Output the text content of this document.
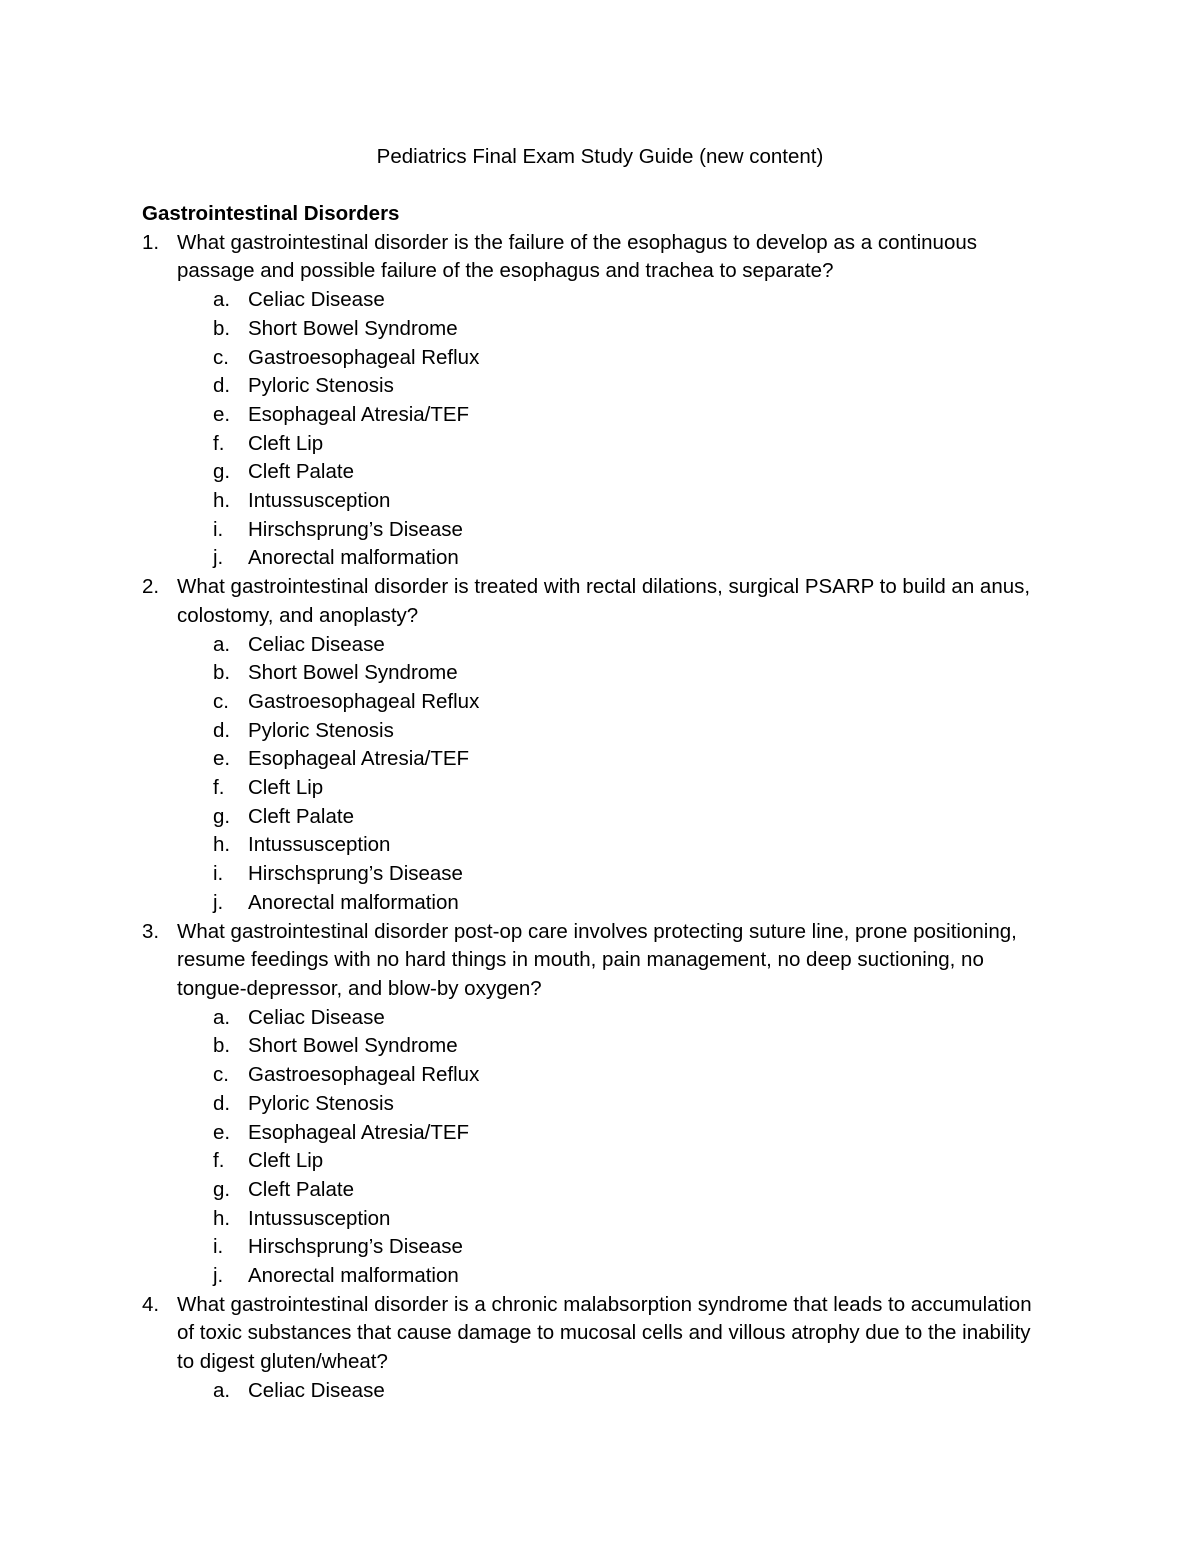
Pediatrics Final Exam Study Guide (new content)
Gastrointestinal Disorders
1. What gastrointestinal disorder is the failure of the esophagus to develop as a continuous passage and possible failure of the esophagus and trachea to separate?
a. Celiac Disease
b. Short Bowel Syndrome
c. Gastroesophageal Reflux
d. Pyloric Stenosis
e. Esophageal Atresia/TEF
f. Cleft Lip
g. Cleft Palate
h. Intussusception
i. Hirschsprung’s Disease
j. Anorectal malformation
2. What gastrointestinal disorder is treated with rectal dilations, surgical PSARP to build an anus, colostomy, and anoplasty?
a. Celiac Disease
b. Short Bowel Syndrome
c. Gastroesophageal Reflux
d. Pyloric Stenosis
e. Esophageal Atresia/TEF
f. Cleft Lip
g. Cleft Palate
h. Intussusception
i. Hirschsprung’s Disease
j. Anorectal malformation
3. What gastrointestinal disorder post-op care involves protecting suture line, prone positioning, resume feedings with no hard things in mouth, pain management, no deep suctioning, no tongue-depressor, and blow-by oxygen?
a. Celiac Disease
b. Short Bowel Syndrome
c. Gastroesophageal Reflux
d. Pyloric Stenosis
e. Esophageal Atresia/TEF
f. Cleft Lip
g. Cleft Palate
h. Intussusception
i. Hirschsprung’s Disease
j. Anorectal malformation
4. What gastrointestinal disorder is a chronic malabsorption syndrome that leads to accumulation of toxic substances that cause damage to mucosal cells and villous atrophy due to the inability to digest gluten/wheat?
a. Celiac Disease
